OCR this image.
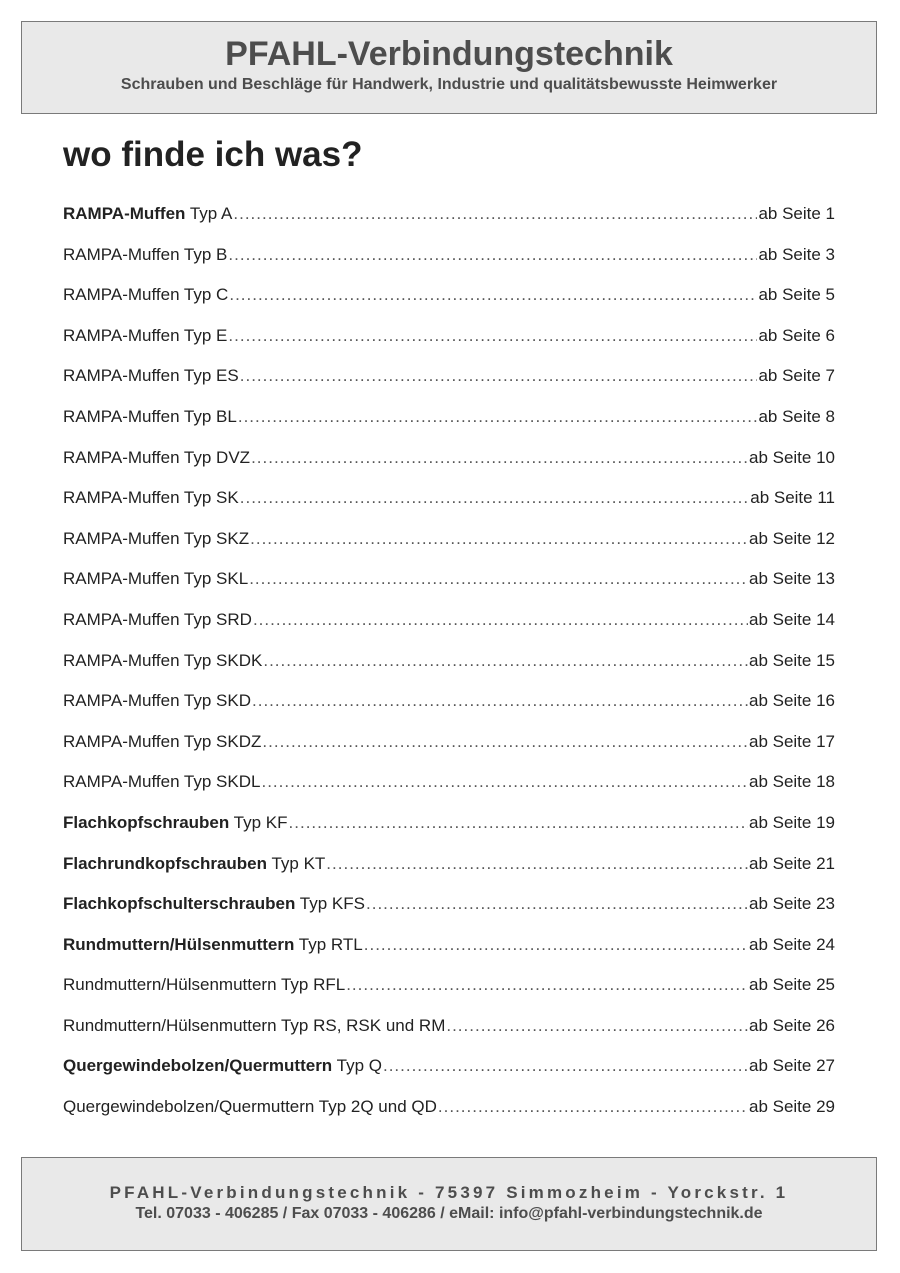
PFAHL-Verbindungstechnik
Schrauben und Beschläge für Handwerk, Industrie und qualitätsbewusste Heimwerker
wo finde ich was?
RAMPA-Muffen Typ A .....	ab Seite 1
RAMPA-Muffen Typ B .....	ab Seite 3
RAMPA-Muffen Typ C .....	ab Seite 5
RAMPA-Muffen Typ E .....	ab Seite 6
RAMPA-Muffen Typ ES .....	ab Seite 7
RAMPA-Muffen Typ BL .....	ab Seite 8
RAMPA-Muffen Typ DVZ .....	ab Seite 10
RAMPA-Muffen Typ SK .....	ab Seite 11
RAMPA-Muffen Typ SKZ .....	ab Seite 12
RAMPA-Muffen Typ SKL .....	ab Seite 13
RAMPA-Muffen Typ SRD .....	ab Seite 14
RAMPA-Muffen Typ SKDK .....	ab Seite 15
RAMPA-Muffen Typ SKD .....	ab Seite 16
RAMPA-Muffen Typ SKDZ .....	ab Seite 17
RAMPA-Muffen Typ SKDL .....	ab Seite 18
Flachkopfschrauben Typ KF .....	ab Seite 19
Flachrundkopfschrauben Typ KT .....	ab Seite 21
Flachkopfschulterschrauben Typ KFS .....	ab Seite 23
Rundmuttern/Hülsenmuttern Typ RTL .....	ab Seite 24
Rundmuttern/Hülsenmuttern Typ RFL .....	ab Seite 25
Rundmuttern/Hülsenmuttern Typ RS, RSK und RM .....	ab Seite 26
Quergewindebolzen/Quermuttern Typ Q .....	ab Seite 27
Quergewindebolzen/Quermuttern Typ 2Q und QD .....	ab Seite 29
PFAHL-Verbindungstechnik - 75397 Simmozheim - Yorckstr. 1
Tel. 07033 - 406285 / Fax 07033 - 406286 / eMail: info@pfahl-verbindungstechnik.de
